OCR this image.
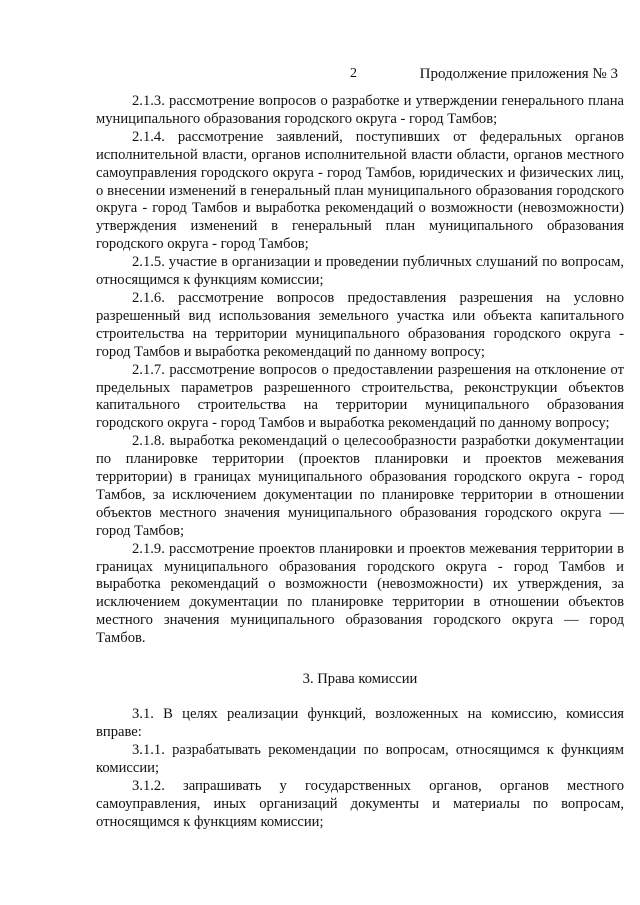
2	Продолжение приложения № 3

2.1.3. рассмотрение вопросов о разработке и утверждении генерального плана муниципального образования городского округа - город Тамбов;

2.1.4. рассмотрение заявлений, поступивших от федеральных органов исполнительной власти, органов исполнительной власти области, органов местного самоуправления городского округа - город Тамбов, юридических и физических лиц, о внесении изменений в генеральный план муниципального образования городского округа - город Тамбов и выработка рекомендаций о возможности (невозможности) утверждения изменений в генеральный план муниципального образования городского округа - город Тамбов;

2.1.5. участие в организации и проведении публичных слушаний по вопросам, относящимся к функциям комиссии;

2.1.6. рассмотрение вопросов предоставления разрешения на условно разрешенный вид использования земельного участка или объекта капитального строительства на территории муниципального образования городского округа - город Тамбов и выработка рекомендаций по данному вопросу;

2.1.7. рассмотрение вопросов о предоставлении разрешения на отклонение от предельных параметров разрешенного строительства, реконструкции объектов капитального строительства на территории муниципального образования городского округа - город Тамбов и выработка рекомендаций по данному вопросу;

2.1.8. выработка рекомендаций о целесообразности разработки документации по планировке территории (проектов планировки и проектов межевания территории) в границах муниципального образования городского округа - город Тамбов, за исключением документации по планировке территории в отношении объектов местного значения муниципального образования городского округа — город Тамбов;

2.1.9. рассмотрение проектов планировки и проектов межевания территории в границах муниципального образования городского округа - город Тамбов и выработка рекомендаций о возможности (невозможности) их утверждения, за исключением документации по планировке территории в отношении объектов местного значения муниципального образования городского округа — город Тамбов.

3. Права комиссии

3.1. В целях реализации функций, возложенных на комиссию, комиссия вправе:

3.1.1. разрабатывать рекомендации по вопросам, относящимся к функциям комиссии;

3.1.2. запрашивать у государственных органов, органов местного самоуправления, иных организаций документы и материалы по вопросам, относящимся к функциям комиссии;
